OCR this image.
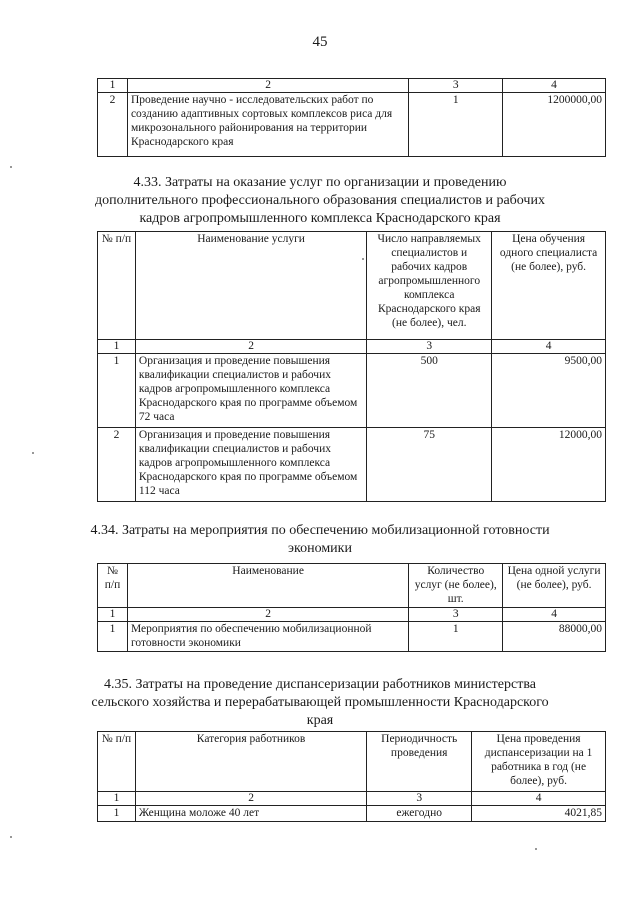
45
1	2	3	4
2	Проведение научно - исследовательских работ по созданию адаптивных сортовых комплексов риса для микрозонального районирования на территории Краснодарского края	1	1200000,00
4.33. Затраты на оказание услуг по организации и проведению
дополнительного профессионального образования специалистов и рабочих
кадров агропромышленного комплекса Краснодарского края
№ п/п	Наименование услуги	Число направляемых специалистов и рабочих кадров агропромышленного комплекса Краснодарского края (не более), чел.	Цена обучения одного специалиста (не более), руб.
1	2	3	4
1	Организация и проведение повышения квалификации специалистов и рабочих кадров агропромышленного комплекса Краснодарского края по программе объемом 72 часа	500	9500,00
2	Организация и проведение повышения квалификации специалистов и рабочих кадров агропромышленного комплекса Краснодарского края по программе объемом 112 часа	75	12000,00
4.34. Затраты на мероприятия по обеспечению мобилизационной готовности
экономики
№ п/п	Наименование	Количество услуг (не более), шт.	Цена одной услуги (не более), руб.
1	2	3	4
1	Мероприятия по обеспечению мобилизационной готовности экономики	1	88000,00
4.35. Затраты на проведение диспансеризации работников министерства
сельского хозяйства и перерабатывающей промышленности Краснодарского
края
№ п/п	Категория работников	Периодичность проведения	Цена проведения диспансеризации на 1 работника в год (не более), руб.
1	2	3	4
1	Женщина моложе 40 лет	ежегодно	4021,85
